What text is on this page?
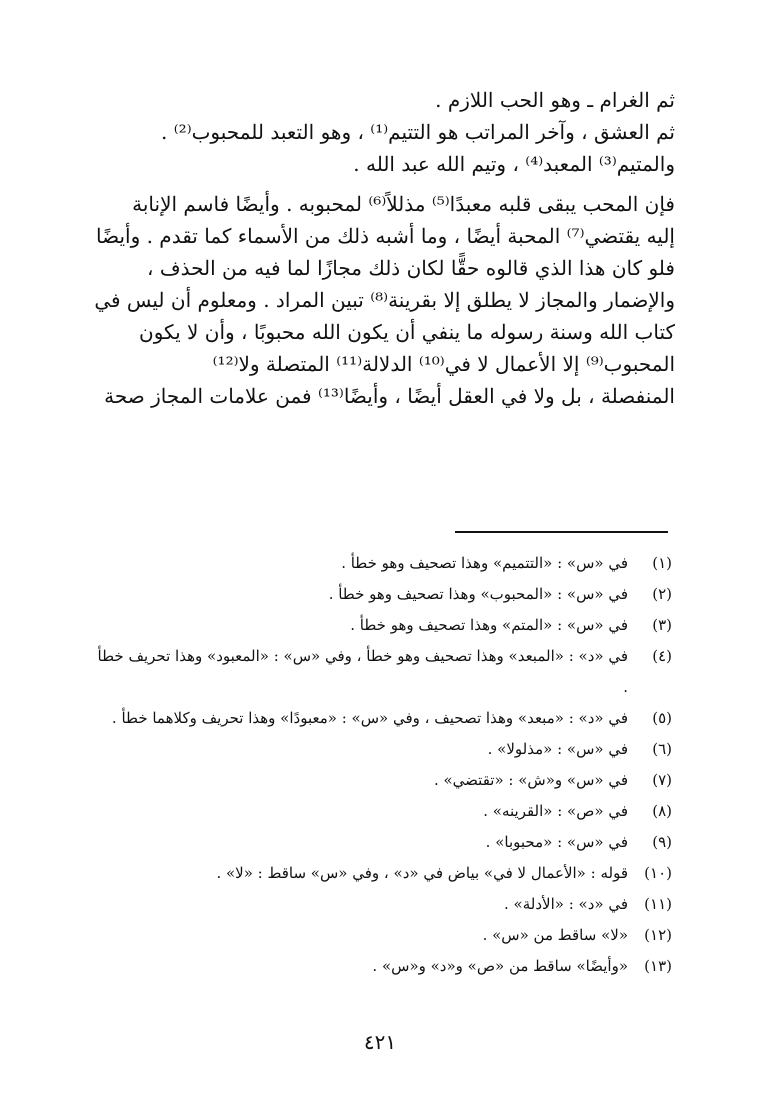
ثم الغرام ـ وهو الحب اللازم .
ثم العشق ، وآخر المراتب هو التتيم⁽¹⁾ ، وهو التعبد للمحبوب⁽²⁾ .
والمتيم⁽³⁾ المعبد⁽⁴⁾ ، وتيم الله عبد الله .
فإن المحب يبقى قلبه معبدًا⁽⁵⁾ مذللاً⁽⁶⁾ لمحبوبه . وأيضًا فاسم الإنابة
إليه يقتضي⁽⁷⁾ المحبة أيضًا ، وما أشبه ذلك من الأسماء كما تقدم . وأيضًا
فلو كان هذا الذي قالوه حقًّا لكان ذلك مجازًا لما فيه من الحذف ،
والإضمار والمجاز لا يطلق إلا بقرينة⁽⁸⁾ تبين المراد . ومعلوم أن ليس في
كتاب الله وسنة رسوله ما ينفي أن يكون الله محبوبًا ، وأن لا يكون
المحبوب⁽⁹⁾ إلا الأعمال لا في⁽¹⁰⁾ الدلالة⁽¹¹⁾ المتصلة ولا⁽¹²⁾
المنفصلة ، بل ولا في العقل أيضًا ، وأيضًا⁽¹³⁾ فمن علامات المجاز صحة
(١)
في «س» : «التتميم» وهذا تصحيف وهو خطأ .
(٢)
في «س» : «المحبوب» وهذا تصحيف وهو خطأ .
(٣)
في «س» : «المتم» وهذا تصحيف وهو خطأ .
(٤)
في «د» : «المبعد» وهذا تصحيف وهو خطأ ، وفي «س» : «المعبود» وهذا تحريف خطأ .
(٥)
في «د» : «مبعد» وهذا تصحيف ، وفي «س» : «معبودًا» وهذا تحريف وكلاهما خطأ .
(٦)
في «س» : «مذلولا» .
(٧)
في «س» و«ش» : «تقتضي» .
(٨)
في «ص» : «القرينه» .
(٩)
في «س» : «محبوبا» .
(١٠)
قوله : «الأعمال لا في» بياض في «د» ، وفي «س» ساقط : «لا» .
(١١)
في «د» : «الأدلة» .
(١٢)
«لا» ساقط من «س» .
(١٣)
«وأيضًا» ساقط من «ص» و«د» و«س» .
٤٢١
